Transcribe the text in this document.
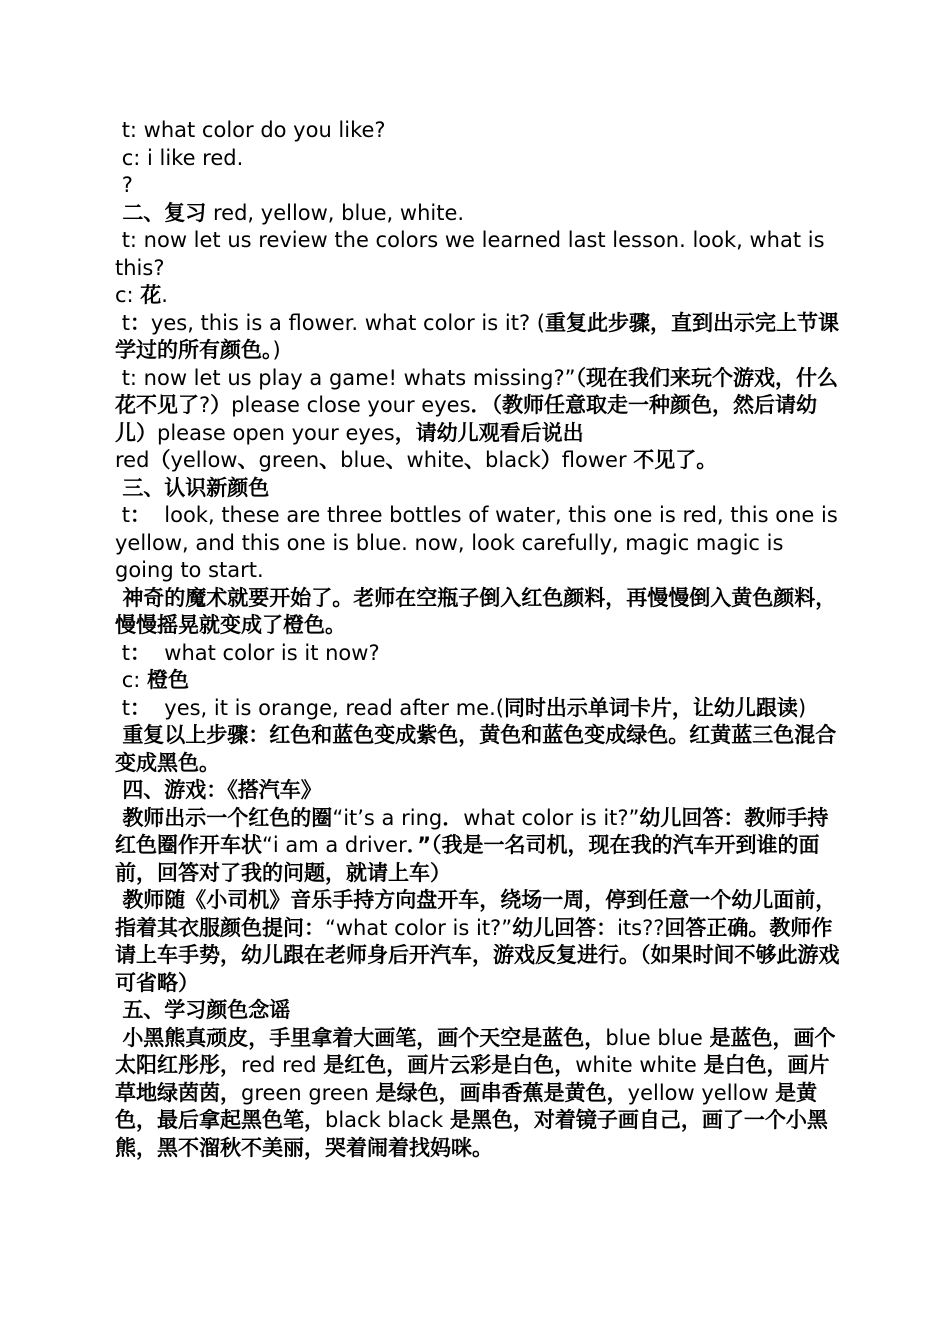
t: what color do you like?

c: i like red.

?

二、复习 red, yellow, blue, white.

t: now let us review the colors we learned last lesson. look, what is this?

c: 花.

t：yes, this is a flower. what color is it? (重复此步骤，直到出示完上节课学过的所有颜色。)

t: now let us play a game! whats missing?”（现在我们来玩个游戏，什么花不见了?）please close your eyes．（教师任意取走一种颜色，然后请幼儿）please open your eyes，请幼儿观看后说出

red（yellow、green、blue、white、black）flower 不见了。

三、认识新颜色

t：  look, these are three bottles of water, this one is red, this one is yellow, and this one is blue. now, look carefully, magic magic is going to start.

神奇的魔术就要开始了。老师在空瓶子倒入红色颜料，再慢慢倒入黄色颜料，慢慢摇晃就变成了橙色。

t：  what color is it now?

c: 橙色

t：  yes, it is orange, read after me.(同时出示单词卡片，让幼儿跟读)

重复以上步骤：红色和蓝色变成紫色，黄色和蓝色变成绿色。红黄蓝三色混合变成黑色。

四、游戏：《搭汽车》

教师出示一个红色的圈“it’s a ring．what color is it?”幼儿回答：教师手持红色圈作开车状“i am a driver．”（我是一名司机，现在我的汽车开到谁的面前，回答对了我的问题，就请上车）

教师随《小司机》音乐手持方向盘开车，绕场一周，停到任意一个幼儿面前，指着其衣服颜色提问：“what color is it?”幼儿回答：its??回答正确。教师作请上车手势，幼儿跟在老师身后开汽车，游戏反复进行。（如果时间不够此游戏可省略）

五、学习颜色念谣

小黑熊真顽皮，手里拿着大画笔，画个天空是蓝色，blue blue 是蓝色，画个太阳红彤彤，red red 是红色，画片云彩是白色，white white 是白色，画片草地绿茵茵，green green 是绿色，画串香蕉是黄色，yellow yellow 是黄色，最后拿起黑色笔，black black 是黑色，对着镜子画自己，画了一个小黑熊，黑不溜秋不美丽，哭着闹着找妈咪。
